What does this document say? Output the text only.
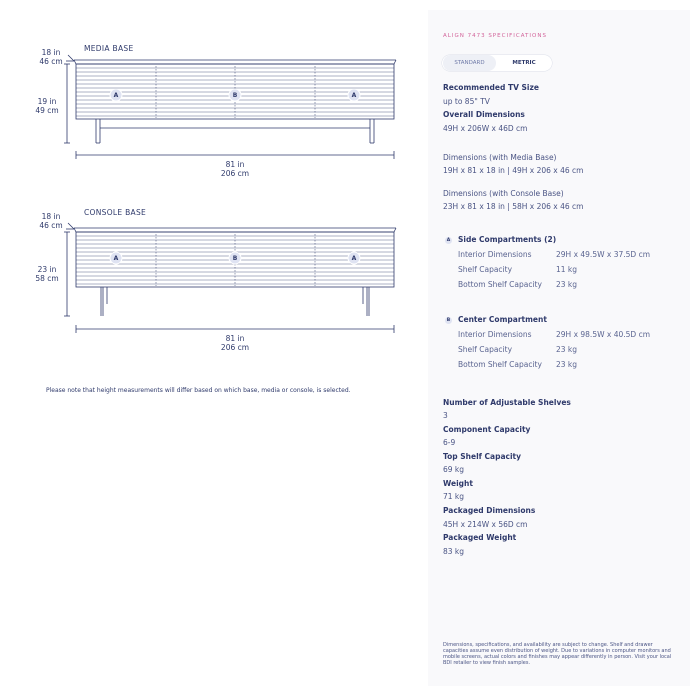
MEDIA BASE
18 in
46 cm
19 in
49 cm
81 in
206 cm
A	B	A
CONSOLE BASE
18 in
46 cm
23 in
58 cm
81 in
206 cm
A	B	A
Please note that height measurements will differ based on which base, media or console, is selected.
ALIGN 7473 SPECIFICATIONS
STANDARD	METRIC
Recommended TV Size
up to 85" TV
Overall Dimensions
49H x 206W x 46D cm
Dimensions (with Media Base)
19H x 81 x 18 in | 49H x 206 x 46 cm
Dimensions (with Console Base)
23H x 81 x 18 in | 58H x 206 x 46 cm
A Side Compartments (2)
Interior Dimensions	29H x 49.5W x 37.5D cm
Shelf Capacity	11 kg
Bottom Shelf Capacity 23 kg
B Center Compartment
Interior Dimensions	29H x 98.5W x 40.5D cm
Shelf Capacity	23 kg
Bottom Shelf Capacity 23 kg
Number of Adjustable Shelves
3
Component Capacity
6-9
Top Shelf Capacity
69 kg
Weight
71 kg
Packaged Dimensions
45H x 214W x 56D cm
Packaged Weight
83 kg
Dimensions, specifications, and availability are subject to change. Shelf and drawer capacities assume even distribution of weight. Due to variations in computer monitors and mobile screens, actual colors and finishes may appear differently in person. Visit your local BDI retailer to view finish samples.
